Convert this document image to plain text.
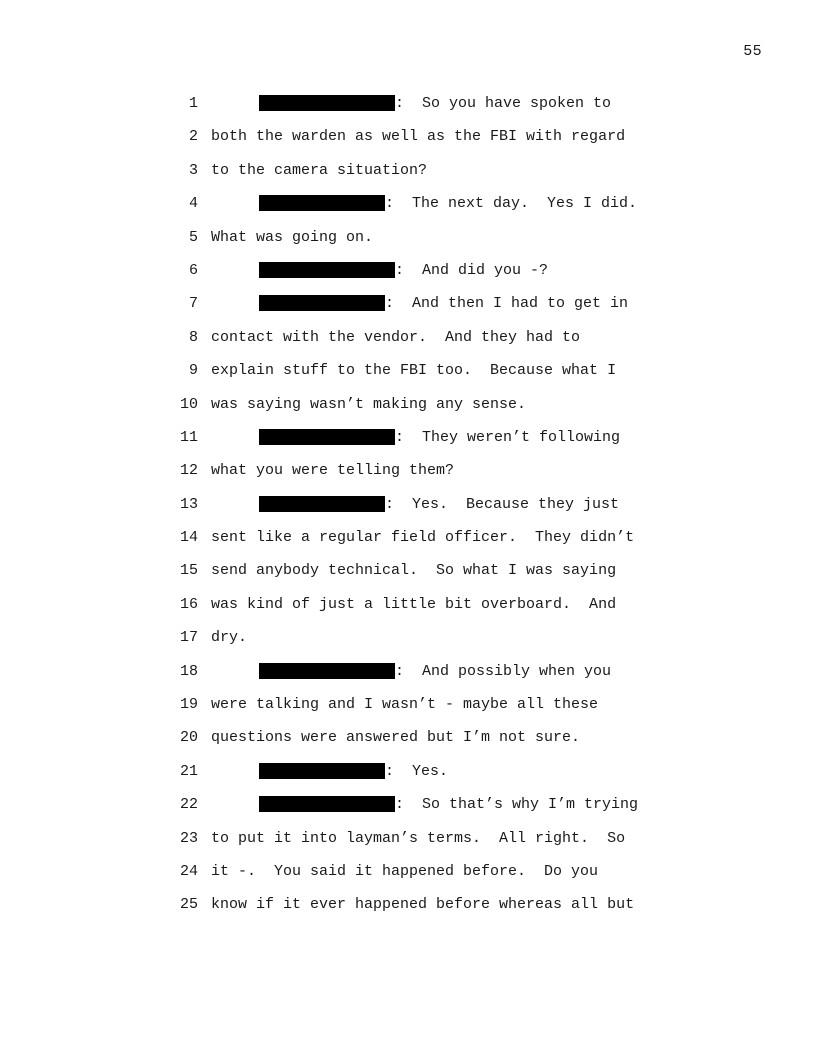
55
1	:  So you have spoken to
2 both the warden as well as the FBI with regard
3 to the camera situation?
4	:  The next day.  Yes I did.
5 What was going on.
6	:  And did you -?
7	:  And then I had to get in
8 contact with the vendor.  And they had to
9 explain stuff to the FBI too.  Because what I
10 was saying wasn’t making any sense.
11	:  They weren’t following
12 what you were telling them?
13	:  Yes.  Because they just
14 sent like a regular field officer.  They didn’t
15 send anybody technical.  So what I was saying
16 was kind of just a little bit overboard.  And
17 dry.
18	:  And possibly when you
19 were talking and I wasn’t - maybe all these
20 questions were answered but I’m not sure.
21	:  Yes.
22	:  So that’s why I’m trying
23 to put it into layman’s terms.  All right.  So
24 it -.  You said it happened before.  Do you
25 know if it ever happened before whereas all but
